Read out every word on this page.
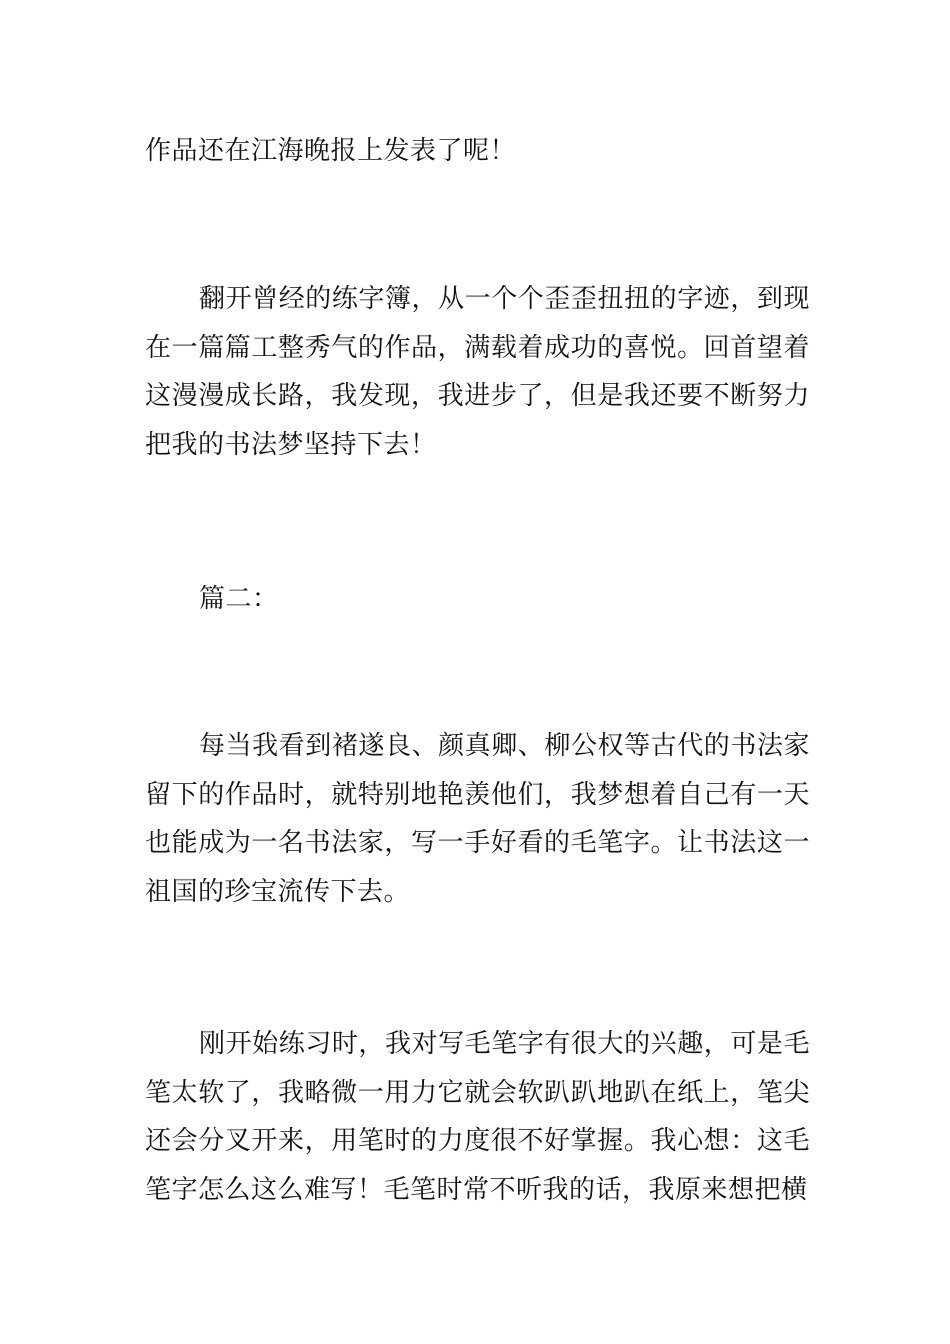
作品还在江海晚报上发表了呢！

翻开曾经的练字簿，从一个个歪歪扭扭的字迹，到现在一篇篇工整秀气的作品，满载着成功的喜悦。回首望着这漫漫成长路，我发现，我进步了，但是我还要不断努力把我的书法梦坚持下去！

篇二：

每当我看到褚遂良、颜真卿、柳公权等古代的书法家留下的作品时，就特别地艳羡他们，我梦想着自己有一天也能成为一名书法家，写一手好看的毛笔字。让书法这一祖国的珍宝流传下去。

刚开始练习时，我对写毛笔字有很大的兴趣，可是毛笔太软了，我略微一用力它就会软趴趴地趴在纸上，笔尖还会分叉开来，用笔时的力度很不好掌握。我心想：这毛笔字怎么这么难写！毛笔时常不听我的话，我原来想把横
